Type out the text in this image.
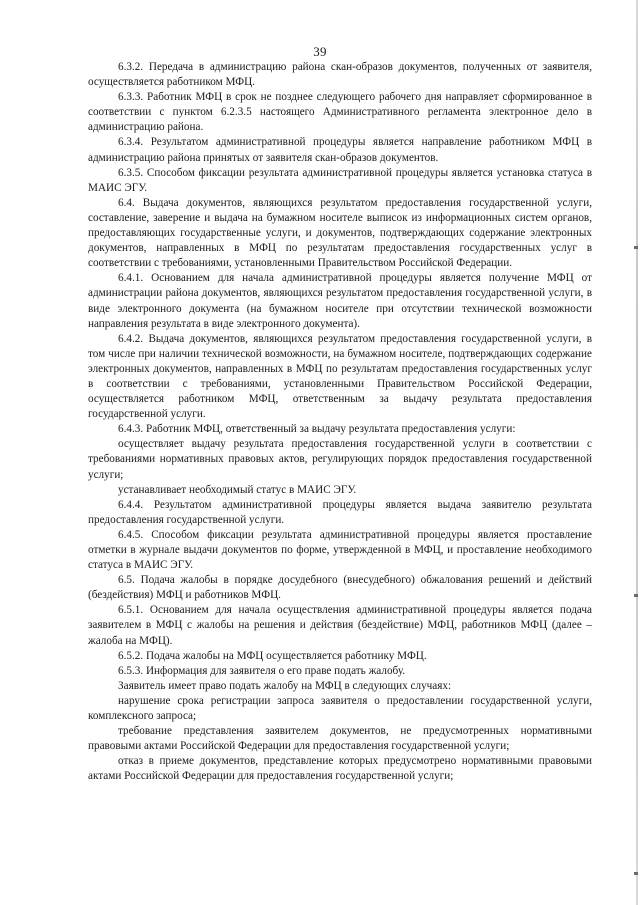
39

6.3.2. Передача в администрацию района скан-образов документов, полученных от заявителя, осуществляется работником МФЦ.

6.3.3. Работник МФЦ в срок не позднее следующего рабочего дня направляет сформированное в соответствии с пунктом 6.2.3.5 настоящего Административного регламента электронное дело в администрацию района.

6.3.4. Результатом административной процедуры является направление работником МФЦ в администрацию района принятых от заявителя скан-образов документов.

6.3.5. Способом фиксации результата административной процедуры является установка статуса в МАИС ЭГУ.

6.4. Выдача документов, являющихся результатом предоставления государственной услуги, составление, заверение и выдача на бумажном носителе выписок из информационных систем органов, предоставляющих государственные услуги, и документов, подтверждающих содержание электронных документов, направленных в МФЦ по результатам предоставления государственных услуг в соответствии с требованиями, установленными Правительством Российской Федерации.

6.4.1. Основанием для начала административной процедуры является получение МФЦ от администрации района документов, являющихся результатом предоставления государственной услуги, в виде электронного документа (на бумажном носителе при отсутствии технической возможности направления результата в виде электронного документа).

6.4.2. Выдача документов, являющихся результатом предоставления государственной услуги, в том числе при наличии технической возможности, на бумажном носителе, подтверждающих содержание электронных документов, направленных в МФЦ по результатам предоставления государственных услуг в соответствии с требованиями, установленными Правительством Российской Федерации, осуществляется работником МФЦ, ответственным за выдачу результата предоставления государственной услуги.

6.4.3. Работник МФЦ, ответственный за выдачу результата предоставления услуги:

осуществляет выдачу результата предоставления государственной услуги в соответствии с требованиями нормативных правовых актов, регулирующих порядок предоставления государственной услуги;

устанавливает необходимый статус в МАИС ЭГУ.

6.4.4. Результатом административной процедуры является выдача заявителю результата предоставления государственной услуги.

6.4.5. Способом фиксации результата административной процедуры является проставление отметки в журнале выдачи документов по форме, утвержденной в МФЦ, и проставление необходимого статуса в МАИС ЭГУ.

6.5. Подача жалобы в порядке досудебного (внесудебного) обжалования решений и действий (бездействия) МФЦ и работников МФЦ.

6.5.1. Основанием для начала осуществления административной процедуры является подача заявителем в МФЦ с жалобы на решения и действия (бездействие) МФЦ, работников МФЦ (далее – жалоба на МФЦ).

6.5.2. Подача жалобы на МФЦ осуществляется работнику МФЦ.

6.5.3. Информация для заявителя о его праве подать жалобу.

Заявитель имеет право подать жалобу на МФЦ в следующих случаях:

нарушение срока регистрации запроса заявителя о предоставлении государственной услуги, комплексного запроса;

требование представления заявителем документов, не предусмотренных нормативными правовыми актами Российской Федерации для предоставления государственной услуги;

отказ в приеме документов, представление которых предусмотрено нормативными правовыми актами Российской Федерации для предоставления государственной услуги;
